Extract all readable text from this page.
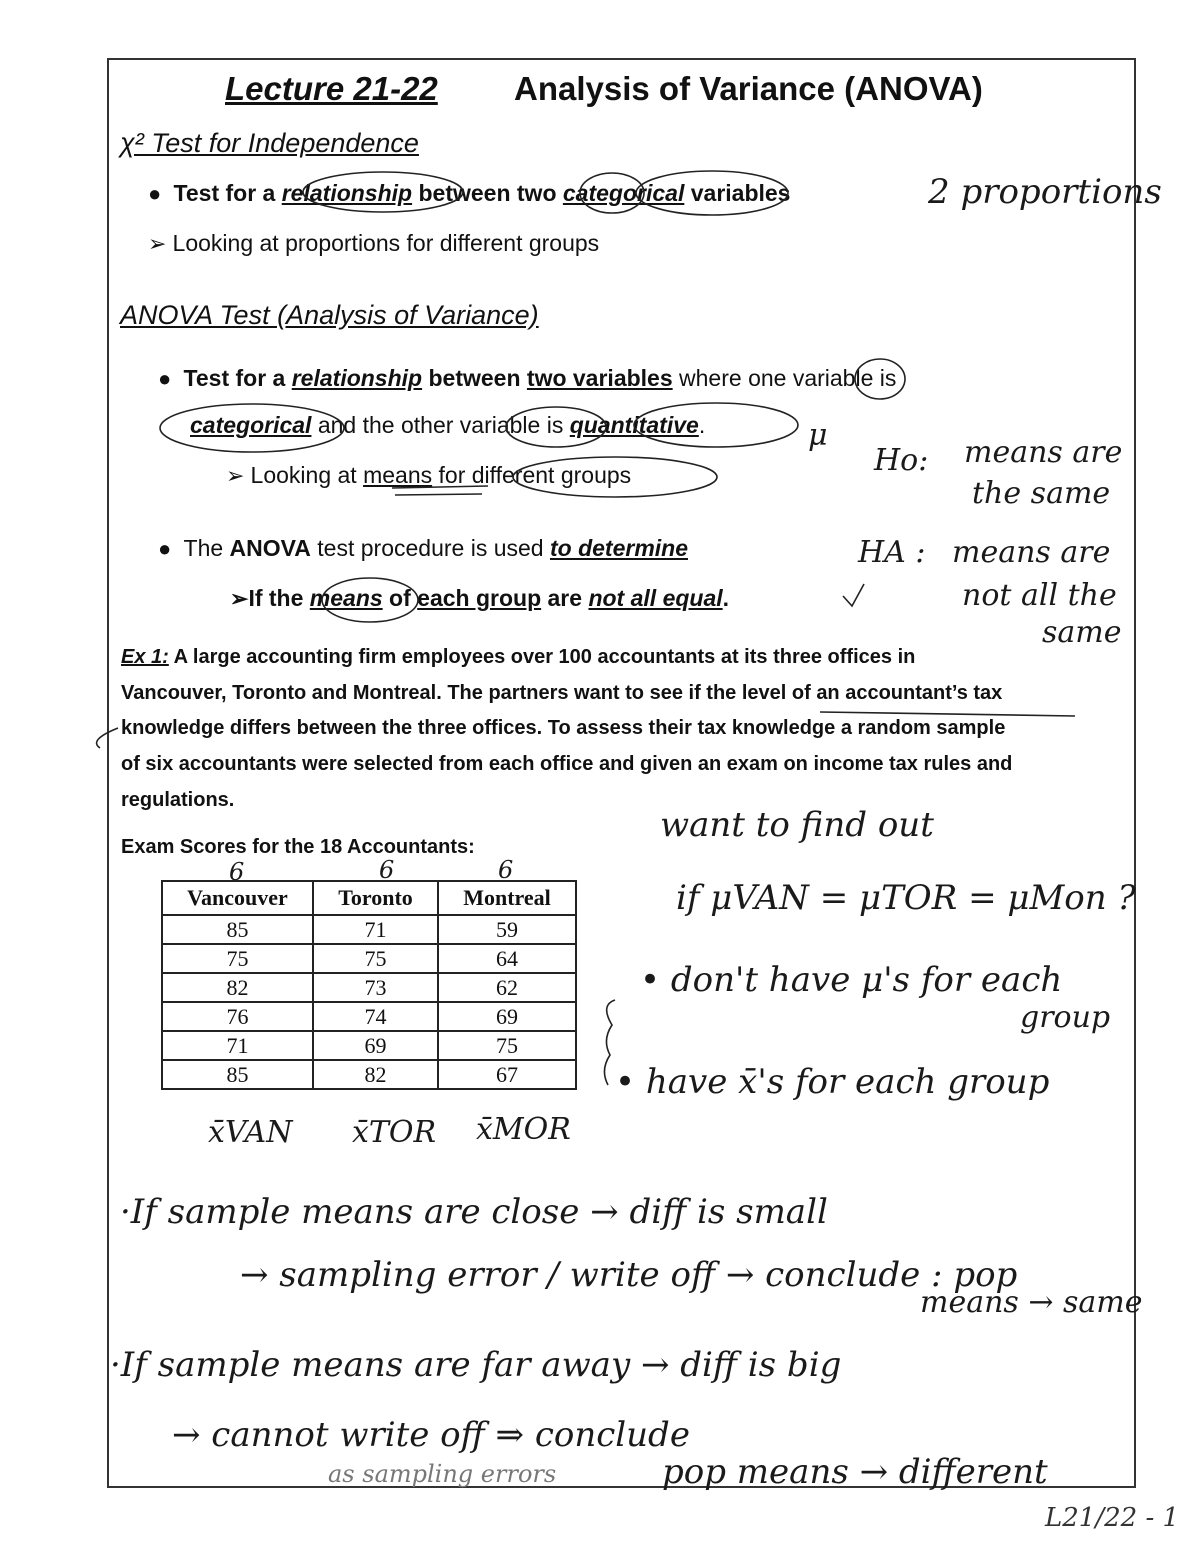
Lecture 21-22 Analysis of Variance (ANOVA)
χ² Test for Independence
●  Test for a relationship between two categorical variables
➢ Looking at proportions for different groups
ANOVA Test (Analysis of Variance)
●  Test for a relationship between two variables where one variable is
categorical and the other variable is quantitative.
➢ Looking at means for different groups
●  The ANOVA test procedure is used to determine
➢If the means of each group are not all equal.
Ex 1: A large accounting firm employees over 100 accountants at its three offices in
Vancouver, Toronto and Montreal. The partners want to see if the level of an accountant’s tax
knowledge differs between the three offices. To assess their tax knowledge a random sample
of six accountants were selected from each office and given an exam on income tax rules and
regulations.
Exam Scores for the 18 Accountants:
Vancouver	Toronto	Montreal
85	71	59
75	75	64
82	73	62
76	74	69
71	69	75
85	82	67
2 proportions
μ
Ho: means are
the same
HA : means are
not all the
same
6	6	6
want to find out
if μVAN = μTOR = μMon ?
• don't have μ's for each
group
• have x̄'s for each group
x̄VAN x̄TOR x̄MOR
·If sample means are close → diff is small
→ sampling error / write off → conclude : pop
means → same
·If sample means are far away → diff is big
→ cannot write off ⇒ conclude
as sampling errors	pop means → different
L21/22 - 1
